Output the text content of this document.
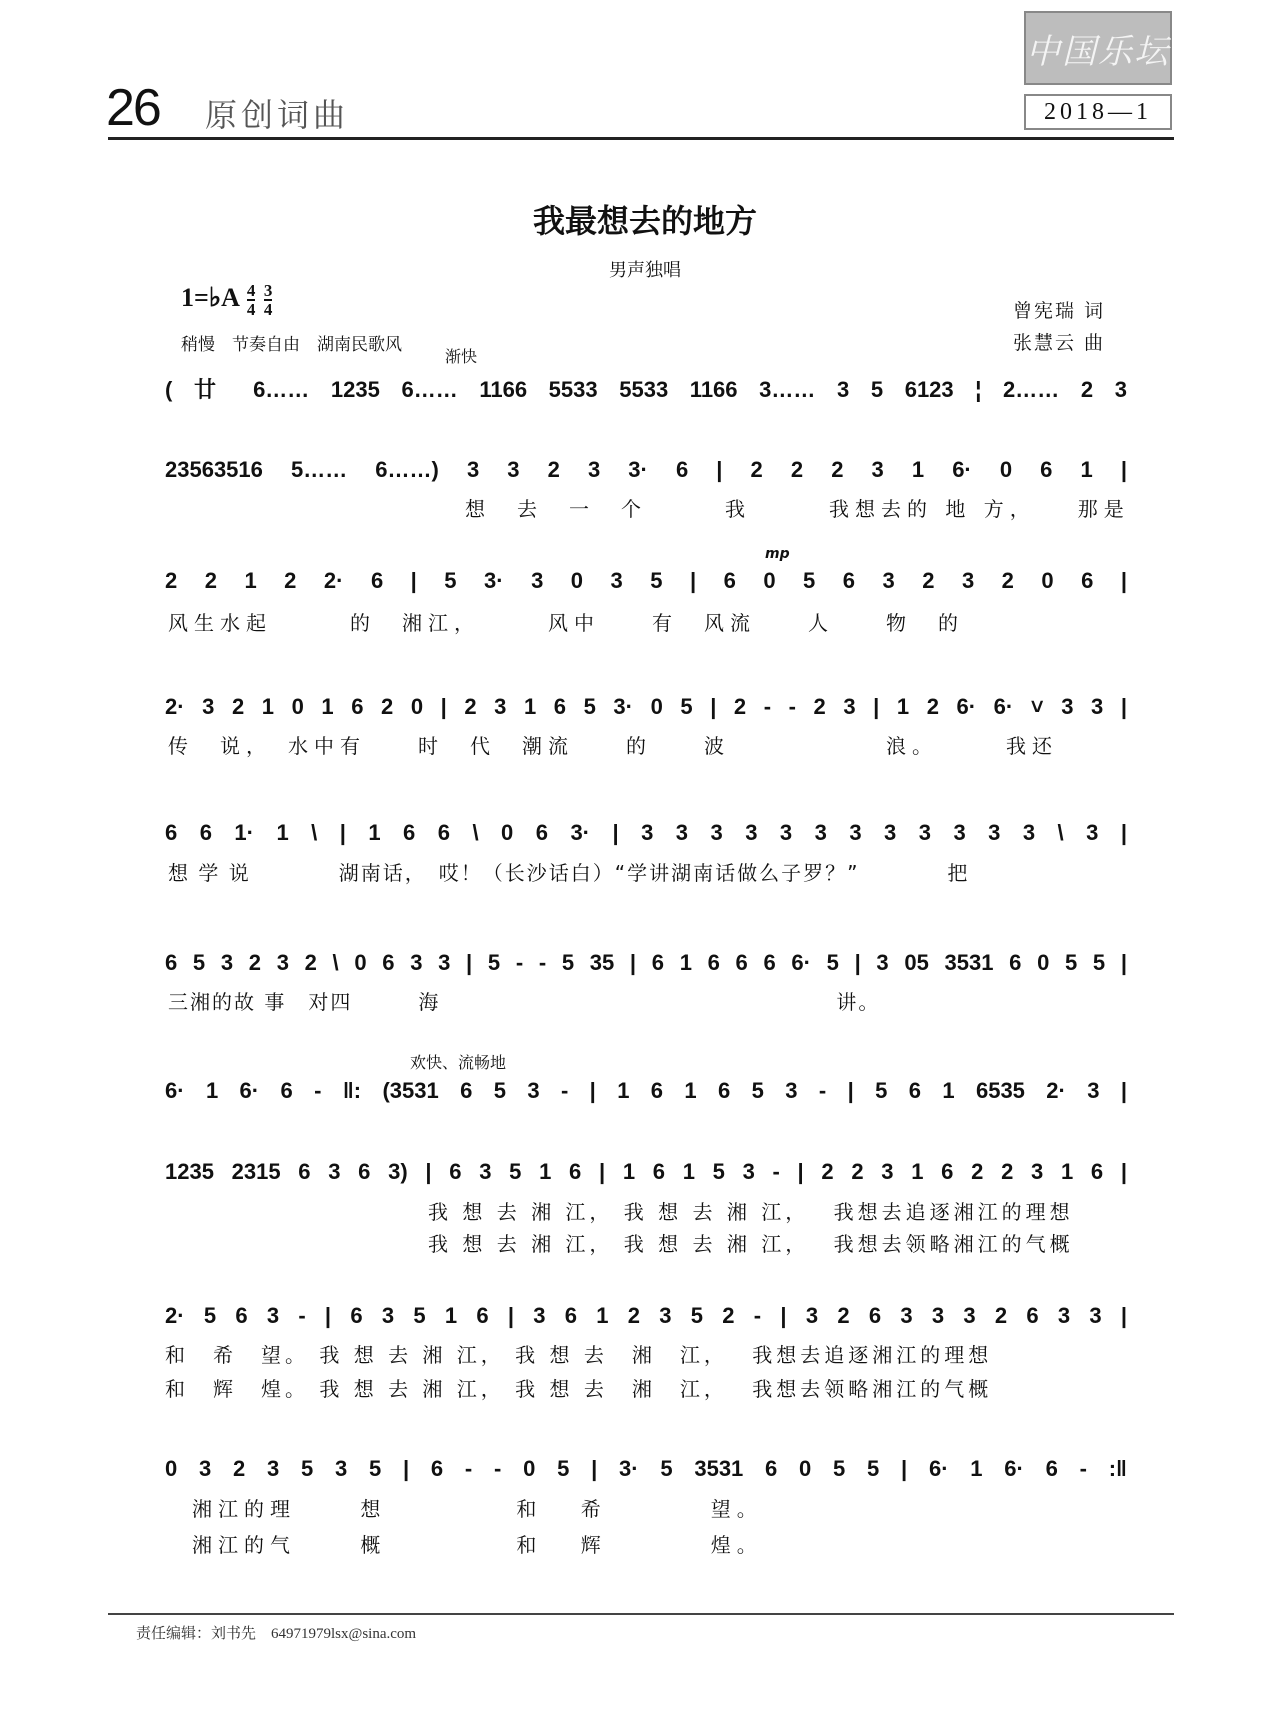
26 原创词曲
中国乐坛
2018—1
我最想去的地方
男声独唱
1=♭A $\frac{4}{4}$
$\frac{3}{4}$	曾宪瑞 词
张慧云 曲
稍慢　节奏自由　湖南民歌风
渐快
mp
欢快、流畅地
( 廿 6…… 1235 6…… 1166 5533 5533 1166 3…… 3 5 6123 ¦ 2…… 2 3
23563516 5…… 6……) 3 3 2 3 3· 6 | 2 2 2 3 1 6· 0 6 1 |
想　去　一　个　　　我　　　我想去的 地 方，　　那是
2 2 1 2 2· 6 | 5 3· 3 0 3 5 | 6 0 5 6 3 2 3 2 0 6 |
风生水起　　　的　湘江，　　　风中　　有　风流　　人　　物　的
2· 3 2 1 0 1 6 2 0 | 2 3 1 6 5 3· 0 5 | 2 - - 2 3 | 1 2 6· 6· ˅ 3 3 |
传　说，　水中有　　时　代　潮流　　的　　波　　　　　　浪。　　　我还
6 6 1· 1 \ | 1 6 6 \ 0 6 3· | 3 3 3 3 3 3 3 3 3 3 3 3 \ 3 |
想 学 说　　　　湖南话，　哎！（长沙话白）“学讲湖南话做么子罗？”　　　　把
6 5 3 2 3 2 \ 0 6 3 3 | 5 - - 5 35 | 6 1 6 6 6 6· 5 | 3 05 3531 6 0 5 5 |
三湘的故 事　对四　　　海　　　　　　　　　　　　　　　　　　讲。
6· 1 6· 6 - ‖: (3531 6 5 3 - | 1 6 1 6 5 3 - | 5 6 1 6535 2· 3 |
1235 2315 6 3 6 3) | 6 3 5 1 6 | 1 6 1 5 3 - | 2 2 3 1 6 2 2 3 1 6 |
我 想 去 湘 江， 我 想 去 湘 江，　 我想去追逐湘江的理想
我 想 去 湘 江， 我 想 去 湘 江，　 我想去领略湘江的气概
2· 5 6 3 - | 6 3 5 1 6 | 3 6 1 2 3 5 2 - | 3 2 6 3 3 3 2 6 3 3 |
和　希　望。 我 想 去 湘 江， 我 想 去　湘　江，　 我想去追逐湘江的理想
和　辉　煌。 我 想 去 湘 江， 我 想 去　湘　江，　 我想去领略湘江的气概
0 3 2 3 5 3 5 | 6 - - 0 5 | 3· 5 3531 6 0 5 5 | 6· 1 6· 6 - :‖
湘江的理　　 想　　　　　和　 希　　　　望。
湘江的气　　 概　　　　　和　 辉　　　　煌。
责任编辑：刘书先　64971979lsx@sina.com
